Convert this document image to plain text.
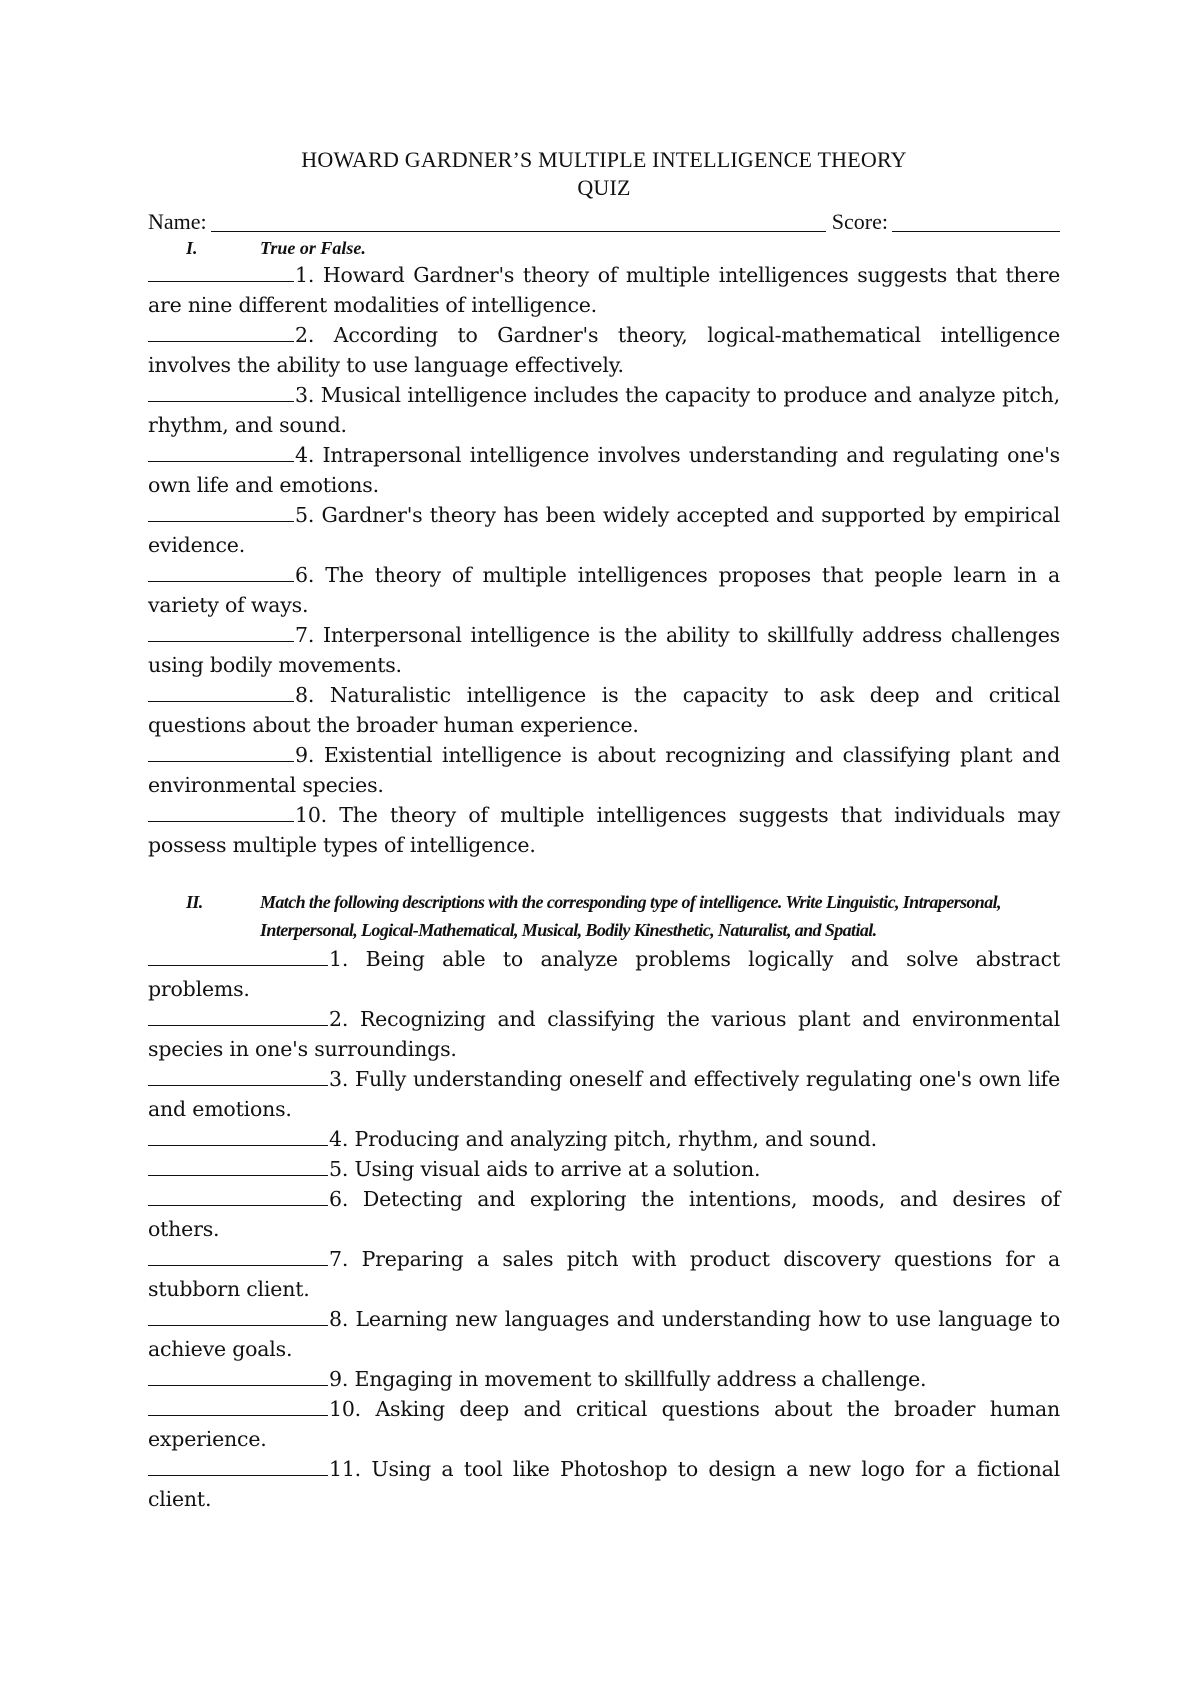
HOWARD GARDNER’S MULTIPLE INTELLIGENCE THEORY
QUIZ
Name:	Score:
I.	True or False.
1. Howard Gardner's theory of multiple intelligences suggests that there are nine different modalities of intelligence.
2. According to Gardner's theory, logical-mathematical intelligence involves the ability to use language effectively.
3. Musical intelligence includes the capacity to produce and analyze pitch, rhythm, and sound.
4. Intrapersonal intelligence involves understanding and regulating one's own life and emotions.
5. Gardner's theory has been widely accepted and supported by empirical evidence.
6. The theory of multiple intelligences proposes that people learn in a variety of ways.
7. Interpersonal intelligence is the ability to skillfully address challenges using bodily movements.
8. Naturalistic intelligence is the capacity to ask deep and critical questions about the broader human experience.
9. Existential intelligence is about recognizing and classifying plant and environmental species.
10. The theory of multiple intelligences suggests that individuals may possess multiple types of intelligence.
II.	Match the following descriptions with the corresponding type of intelligence. Write Linguistic, Intrapersonal, Interpersonal, Logical-Mathematical, Musical, Bodily Kinesthetic, Naturalist, and Spatial.
1. Being able to analyze problems logically and solve abstract problems.
2. Recognizing and classifying the various plant and environmental species in one's surroundings.
3. Fully understanding oneself and effectively regulating one's own life and emotions.
4. Producing and analyzing pitch, rhythm, and sound.
5. Using visual aids to arrive at a solution.
6. Detecting and exploring the intentions, moods, and desires of others.
7. Preparing a sales pitch with product discovery questions for a stubborn client.
8. Learning new languages and understanding how to use language to achieve goals.
9. Engaging in movement to skillfully address a challenge.
10. Asking deep and critical questions about the broader human experience.
11. Using a tool like Photoshop to design a new logo for a fictional client.
